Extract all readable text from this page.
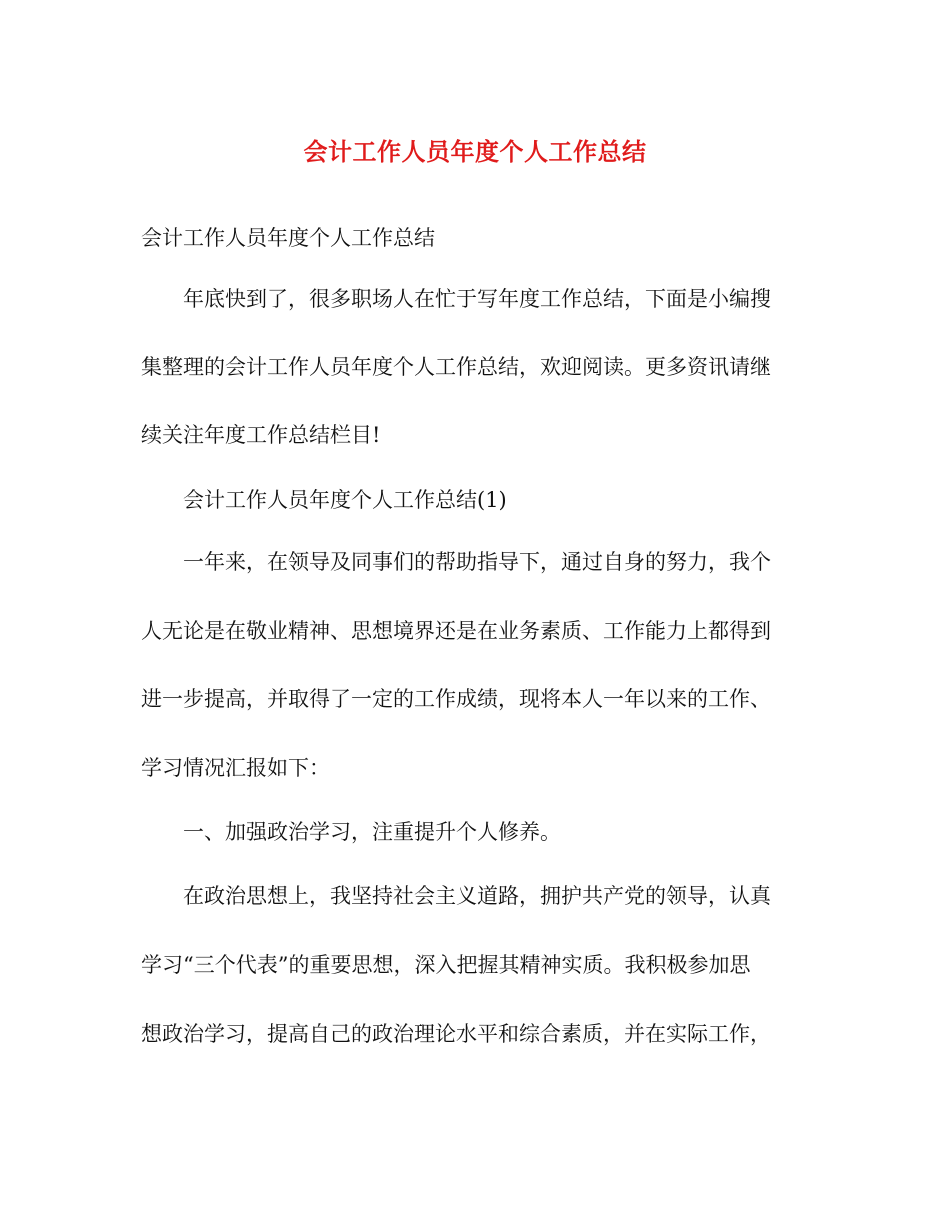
会计工作人员年度个人工作总结
会计工作人员年度个人工作总结
年底快到了，很多职场人在忙于写年度工作总结，下面是小编搜
集整理的会计工作人员年度个人工作总结，欢迎阅读。更多资讯请继
续关注年度工作总结栏目!
会计工作人员年度个人工作总结(1)
一年来，在领导及同事们的帮助指导下，通过自身的努力，我个
人无论是在敬业精神、思想境界还是在业务素质、工作能力上都得到
进一步提高，并取得了一定的工作成绩，现将本人一年以来的工作、
学习情况汇报如下：
一、加强政治学习，注重提升个人修养。
在政治思想上，我坚持社会主义道路，拥护共产党的领导，认真
学习“三个代表”的重要思想，深入把握其精神实质。我积极参加思
想政治学习，提高自己的政治理论水平和综合素质，并在实际工作，
